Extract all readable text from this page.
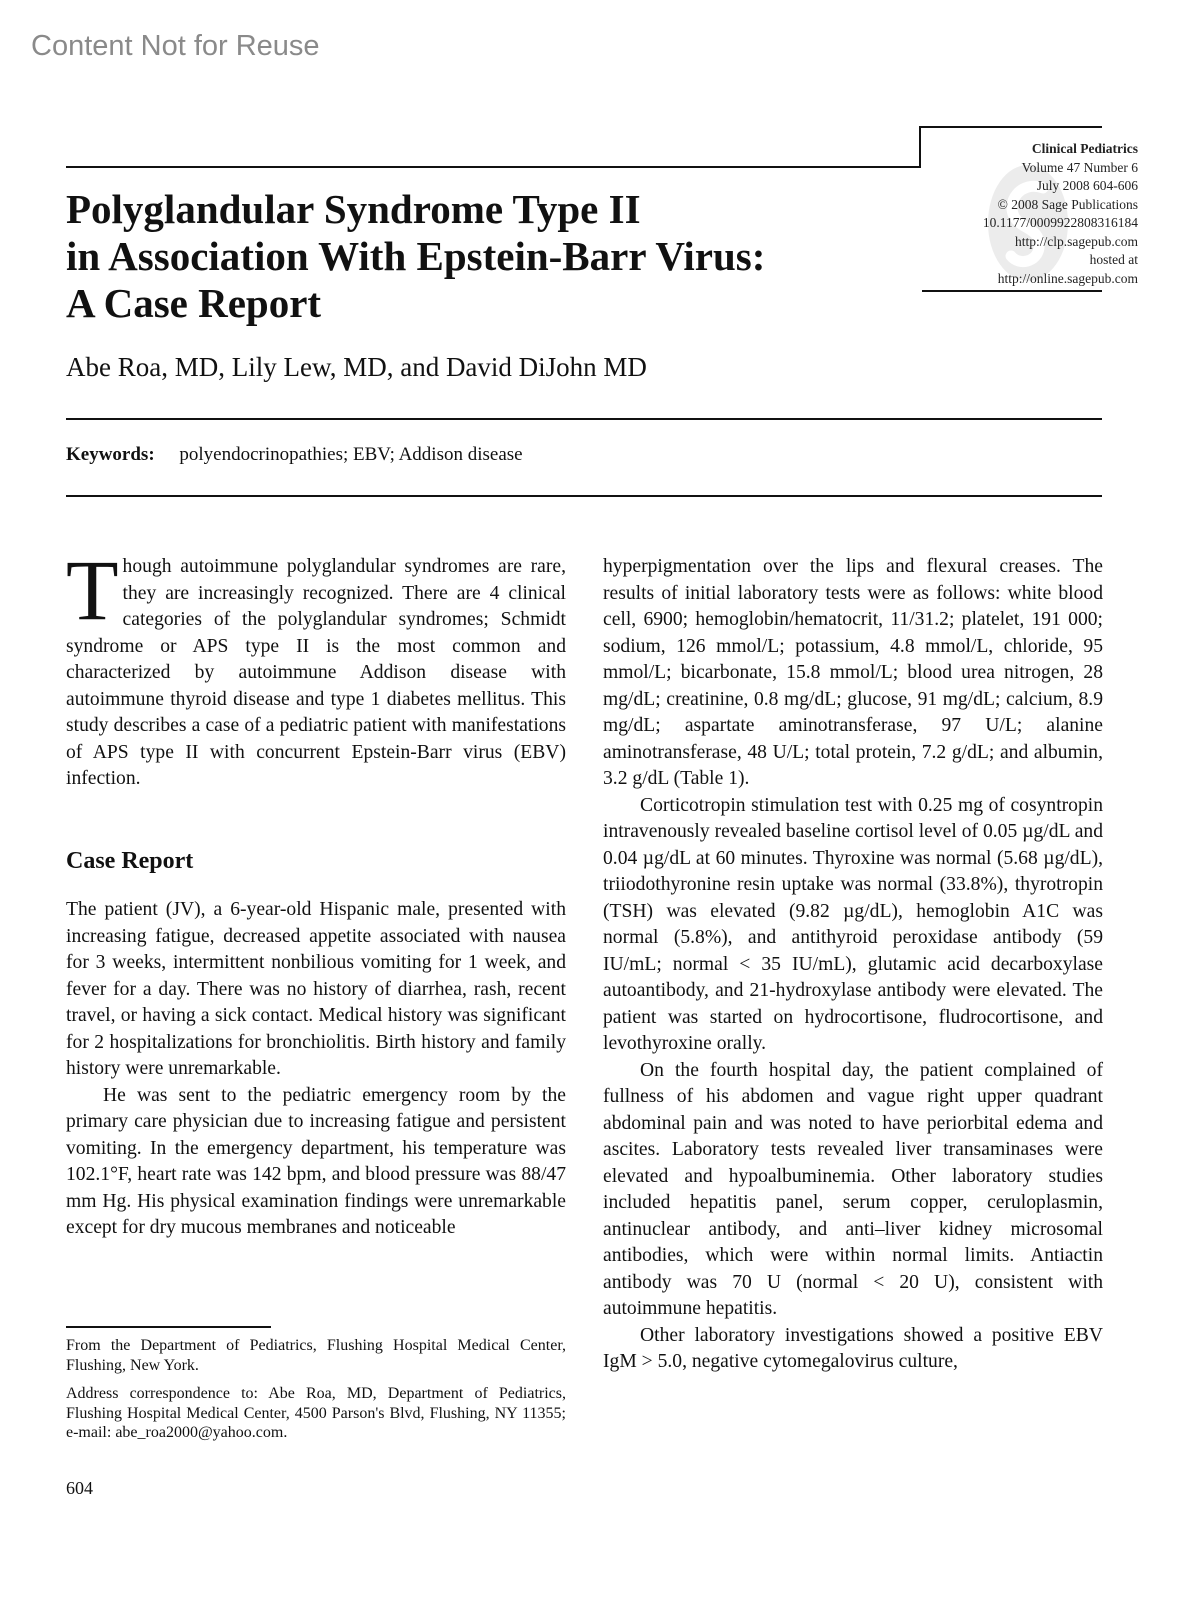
Content Not for Reuse
Clinical Pediatrics
Volume 47 Number 6
July 2008 604-606
© 2008 Sage Publications
10.1177/0009922808316184
http://clp.sagepub.com
hosted at
http://online.sagepub.com
Polyglandular Syndrome Type II
in Association With Epstein-Barr Virus:
A Case Report
Abe Roa, MD, Lily Lew, MD, and David DiJohn MD
Keywords: polyendocrinopathies; EBV; Addison disease

Though autoimmune polyglandular syndromes are rare, they are increasingly recognized. There are 4 clinical categories of the polyglandular syndromes; Schmidt syndrome or APS type II is the most common and characterized by autoimmune Addison disease with autoimmune thyroid disease and type 1 diabetes mellitus. This study describes a case of a pediatric patient with manifestations of APS type II with concurrent Epstein-Barr virus (EBV) infection.

Case Report

The patient (JV), a 6-year-old Hispanic male, presented with increasing fatigue, decreased appetite associated with nausea for 3 weeks, intermittent nonbilious vomiting for 1 week, and fever for a day. There was no history of diarrhea, rash, recent travel, or having a sick contact. Medical history was significant for 2 hospitalizations for bronchiolitis. Birth history and family history were unremarkable.

He was sent to the pediatric emergency room by the primary care physician due to increasing fatigue and persistent vomiting. In the emergency department, his temperature was 102.1°F, heart rate was 142 bpm, and blood pressure was 88/47 mm Hg. His physical examination findings were unremarkable except for dry mucous membranes and noticeable

hyperpigmentation over the lips and flexural creases. The results of initial laboratory tests were as follows: white blood cell, 6900; hemoglobin/hematocrit, 11/31.2; platelet, 191 000; sodium, 126 mmol/L; potassium, 4.8 mmol/L, chloride, 95 mmol/L; bicarbonate, 15.8 mmol/L; blood urea nitrogen, 28 mg/dL; creatinine, 0.8 mg/dL; glucose, 91 mg/dL; calcium, 8.9 mg/dL; aspartate aminotransferase, 97 U/L; alanine aminotransferase, 48 U/L; total protein, 7.2 g/dL; and albumin, 3.2 g/dL (Table 1).

Corticotropin stimulation test with 0.25 mg of cosyntropin intravenously revealed baseline cortisol level of 0.05 µg/dL and 0.04 µg/dL at 60 minutes. Thyroxine was normal (5.68 µg/dL), triiodothyronine resin uptake was normal (33.8%), thyrotropin (TSH) was elevated (9.82 µg/dL), hemoglobin A1C was normal (5.8%), and antithyroid peroxidase antibody (59 IU/mL; normal < 35 IU/mL), glutamic acid decarboxylase autoantibody, and 21-hydroxylase antibody were elevated. The patient was started on hydrocortisone, fludrocortisone, and levothyroxine orally.

On the fourth hospital day, the patient complained of fullness of his abdomen and vague right upper quadrant abdominal pain and was noted to have periorbital edema and ascites. Laboratory tests revealed liver transaminases were elevated and hypoalbuminemia. Other laboratory studies included hepatitis panel, serum copper, ceruloplasmin, antinuclear antibody, and anti–liver kidney microsomal antibodies, which were within normal limits. Antiactin antibody was 70 U (normal < 20 U), consistent with autoimmune hepatitis.

Other laboratory investigations showed a positive EBV IgM > 5.0, negative cytomegalovirus culture,

From the Department of Pediatrics, Flushing Hospital Medical Center, Flushing, New York.

Address correspondence to: Abe Roa, MD, Department of Pediatrics, Flushing Hospital Medical Center, 4500 Parson's Blvd, Flushing, NY 11355; e-mail: abe_roa2000@yahoo.com.

604
